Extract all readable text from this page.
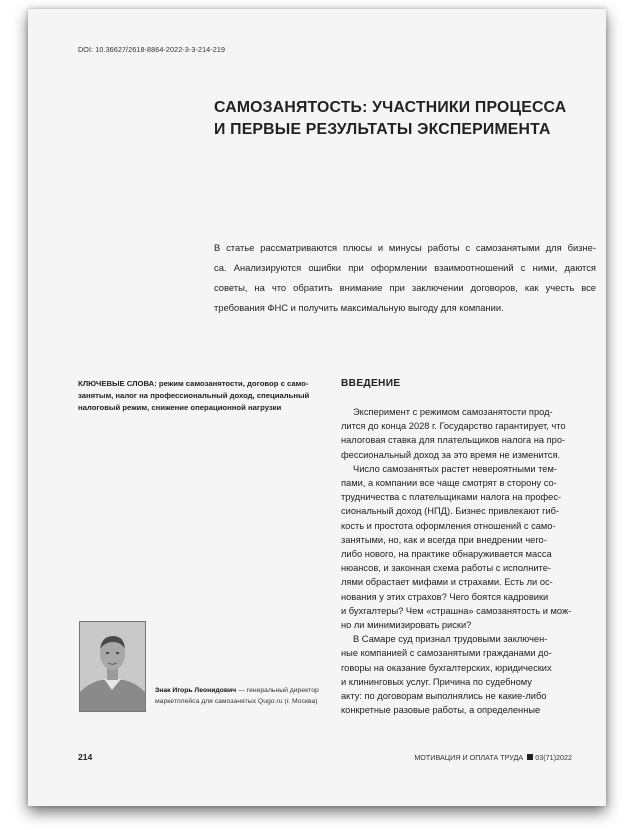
DOI: 10.36627/2618-8864-2022-3-3-214-219
САМОЗАНЯТОСТЬ: УЧАСТНИКИ ПРОЦЕССА
И ПЕРВЫЕ РЕЗУЛЬТАТЫ ЭКСПЕРИМЕНТА
В статье рассматриваются плюсы и минусы работы с самозанятыми для бизне-
са. Анализируются ошибки при оформлении взаимоотношений с ними, даются
советы, на что обратить внимание при заключении договоров, как учесть все
требования ФНС и получить максимальную выгоду для компании.
КЛЮЧЕВЫЕ СЛОВА: режим самозанятости, договор с само-
занятым, налог на профессиональный доход, специальный
налоговый режим, снижение операционной нагрузки
ВВЕДЕНИЕ
Эксперимент с режимом самозанятости прод-
лится до конца 2028 г. Государство гарантирует, что
налоговая ставка для плательщиков налога на про-
фессиональный доход за это время не изменится.
Число самозанятых растет невероятными тем-
пами, а компании все чаще смотрят в сторону со-
трудничества с плательщиками налога на профес-
сиональный доход (НПД). Бизнес привлекают гиб-
кость и простота оформления отношений с само-
занятыми, но, как и всегда при внедрении чего-
либо нового, на практике обнаруживается масса
нюансов, и законная схема работы с исполните-
лями обрастает мифами и страхами. Есть ли ос-
нования у этих страхов? Чего боятся кадровики
и бухгалтеры? Чем «страшна» самозанятость и мож-
но ли минимизировать риски?
В Самаре суд признал трудовыми заключен-
ные компанией с самозанятыми гражданами до-
говоры на оказание бухгалтерских, юридических
и клининговых услуг. Причина по судебному
акту: по договорам выполнялись не какие-либо
конкретные разовые работы, а определенные
Знак Игорь Леонидович — генеральный директор
маркетплейса для самозанятых Qugo.ru (г. Москва)
214	МОТИВАЦИЯ И ОПЛАТА ТРУДА 03(71)2022
